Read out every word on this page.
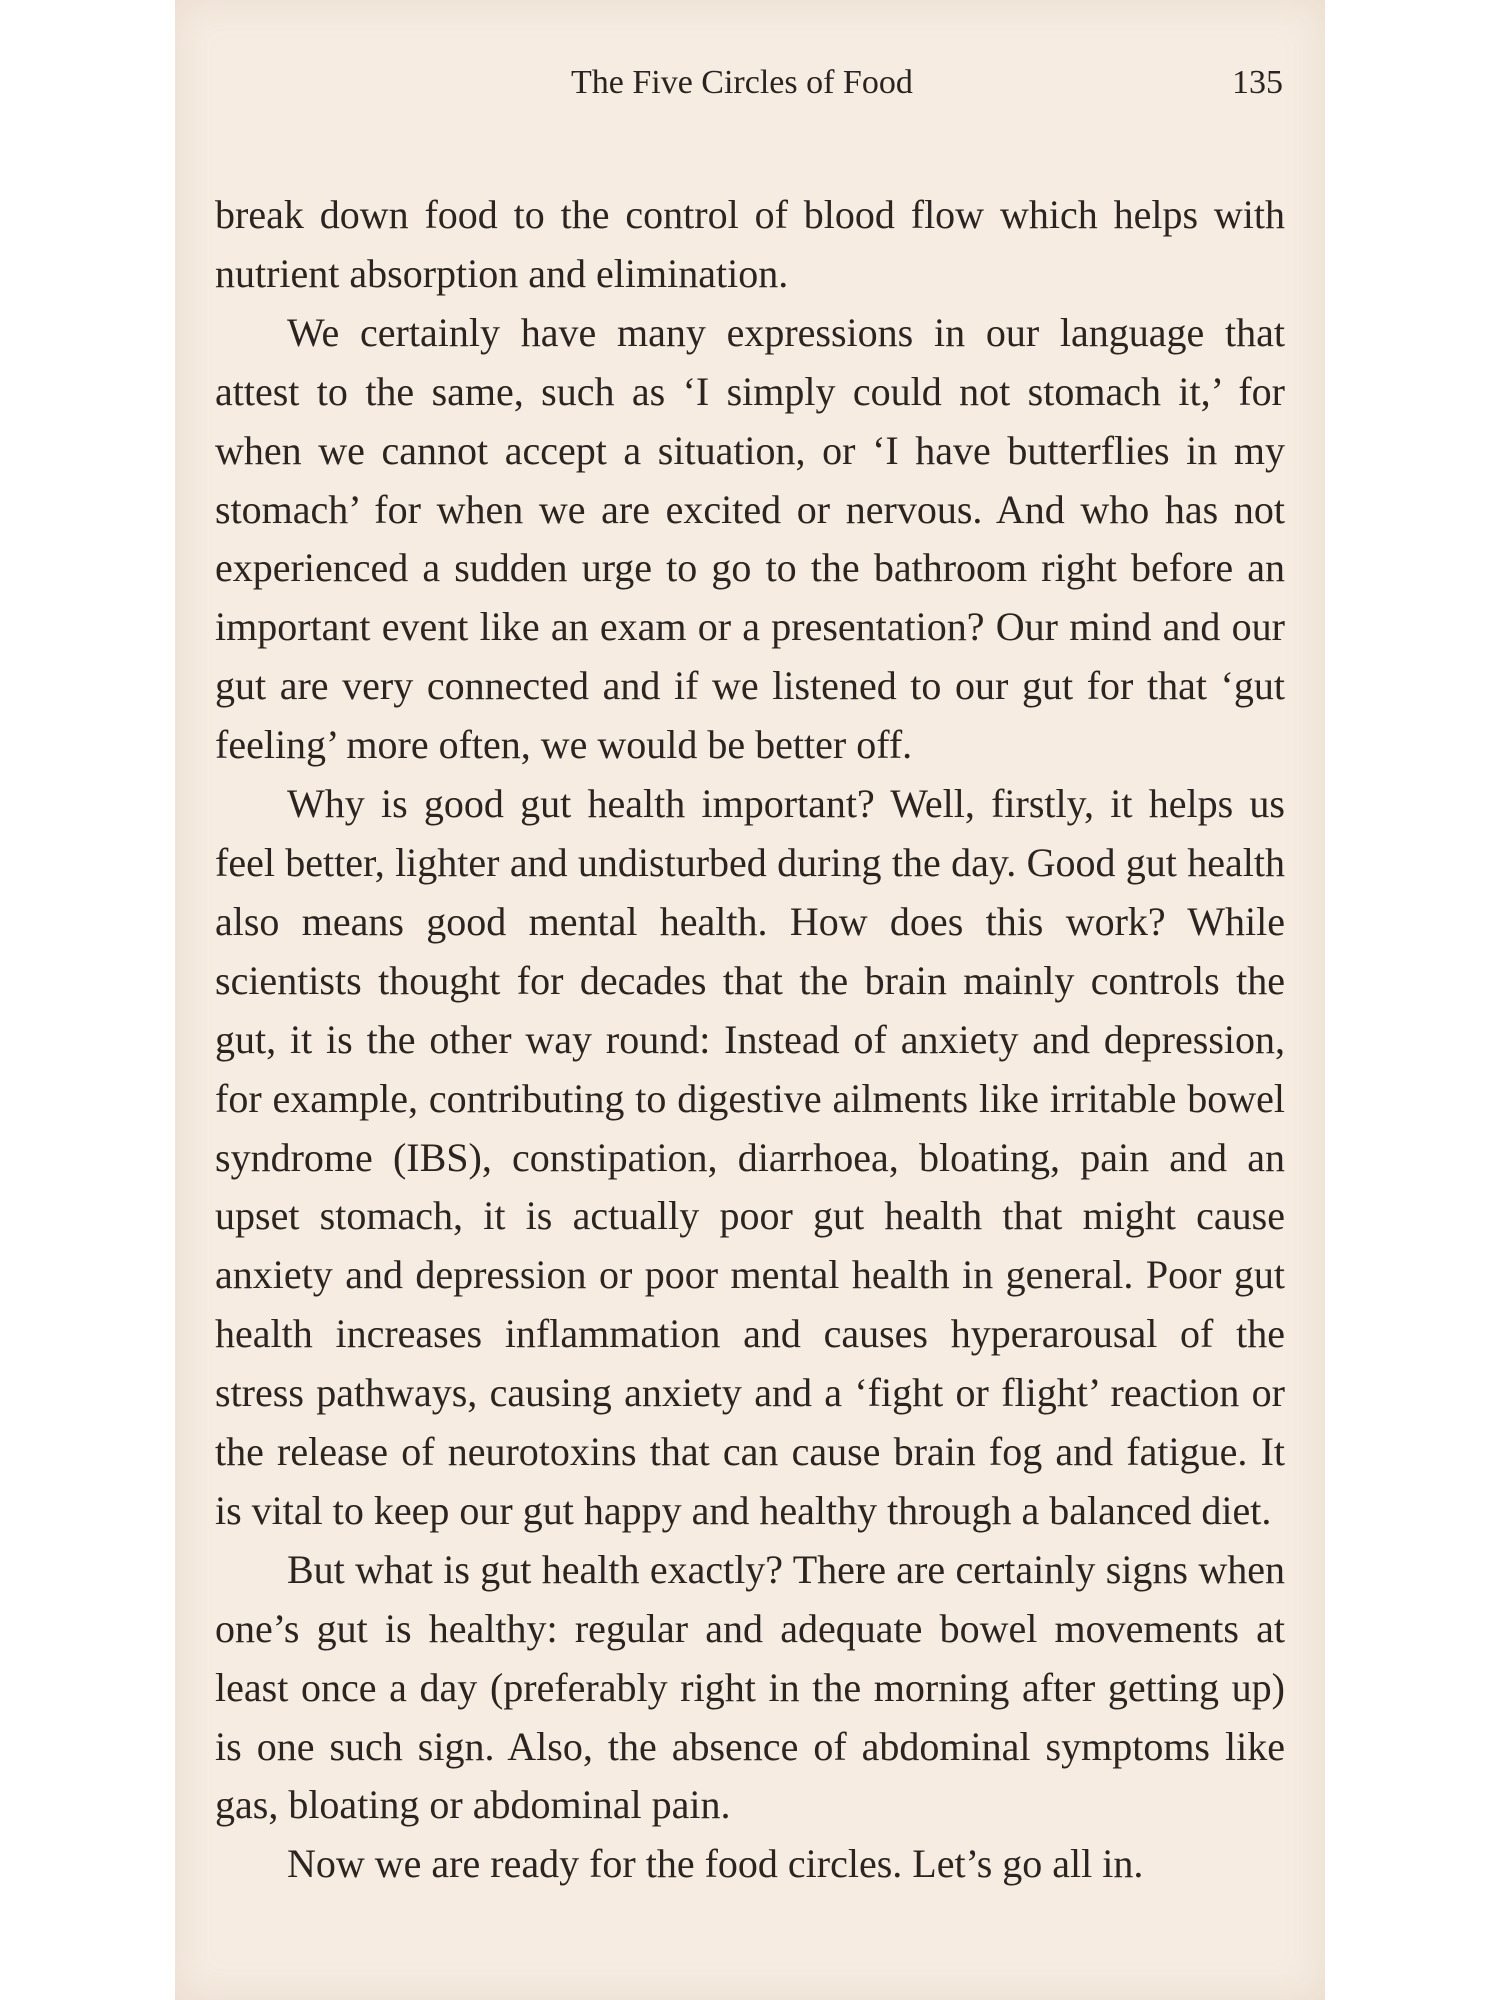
The Five Circles of Food	135

break down food to the control of blood flow which helps with nutrient absorption and elimination.

We certainly have many expressions in our language that attest to the same, such as ‘I simply could not stomach it,’ for when we cannot accept a situation, or ‘I have butterflies in my stomach’ for when we are excited or nervous. And who has not experienced a sudden urge to go to the bathroom right before an important event like an exam or a presentation? Our mind and our gut are very connected and if we listened to our gut for that ‘gut feeling’ more often, we would be better off.

Why is good gut health important? Well, firstly, it helps us feel better, lighter and undisturbed during the day. Good gut health also means good mental health. How does this work? While scientists thought for decades that the brain mainly controls the gut, it is the other way round: Instead of anxiety and depression, for example, contributing to digestive ailments like irritable bowel syndrome (IBS), constipation, diarrhoea, bloating, pain and an upset stomach, it is actually poor gut health that might cause anxiety and depression or poor mental health in general. Poor gut health increases inflammation and causes hyperarousal of the stress pathways, causing anxiety and a ‘fight or flight’ reaction or the release of neurotoxins that can cause brain fog and fatigue. It is vital to keep our gut happy and healthy through a balanced diet.

But what is gut health exactly? There are certainly signs when one’s gut is healthy: regular and adequate bowel movements at least once a day (preferably right in the morning after getting up) is one such sign. Also, the absence of abdominal symptoms like gas, bloating or abdominal pain.

Now we are ready for the food circles. Let’s go all in.
